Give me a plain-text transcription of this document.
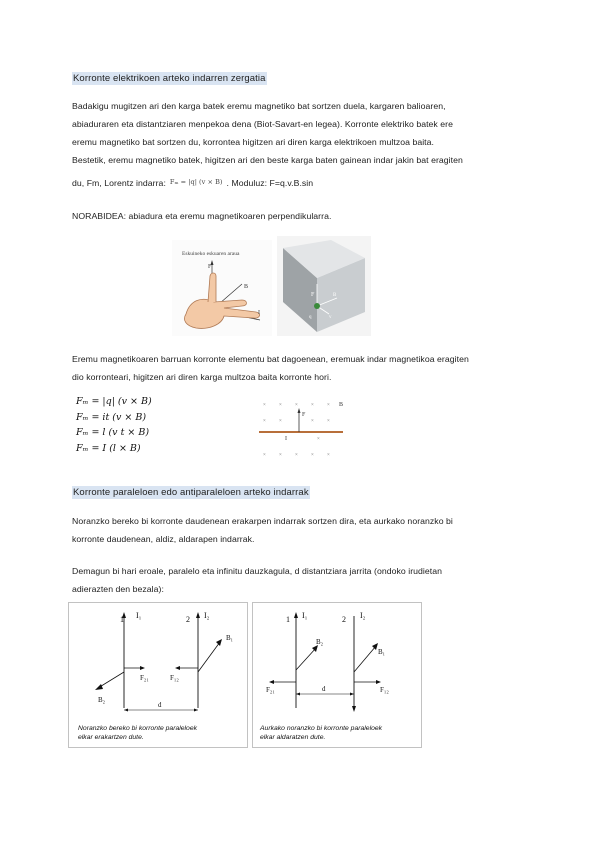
Korronte elektrikoen arteko indarren zergatia
Badakigu mugitzen ari den karga batek eremu magnetiko bat sortzen duela, kargaren balioaren,
abiaduraren eta distantziaren menpekoa dena (Biot-Savart-en legea). Korronte elektriko batek ere
eremu magnetiko bat sortzen du, korrontea higitzen ari diren karga elektrikoen multzoa baita.
Bestetik, eremu magnetiko batek, higitzen ari den beste karga baten gainean indar jakin bat eragiten
du, Fm, Lorentz indarra: Fₘ = |q| (v × B) . Moduluz: F=q.v.B.sin
NORABIDEA: abiadura eta eremu magnetikoaren perpendikularra.
Eskuineko eskuaren araua
F
I
B
F	B
v
q
Eremu magnetikoaren barruan korronte elementu bat dagoenean, eremuak indar magnetikoa eragiten
dio korronteari, higitzen ari diren karga multzoa baita korronte hori.
Fₘ = |q| (v × B)
Fₘ = it (v × B)
Fₘ = l (v t × B)
Fₘ = I (l × B)
×	×	×	×	×
×	×	×	×
×	×	×	×	×
B
F
I	×
Korronte paraleloen edo antiparaleloen arteko indarrak
Noranzko bereko bi korronte daudenean erakarpen indarrak sortzen dira, eta aurkako noranzko bi
korronte daudenean, aldiz, aldarapen indarrak.
Demagun bi hari eroale, paralelo eta infinitu dauzkagula, d distantziara jarrita (ondoko irudietan
adierazten den bezala):
1 I₁	2 I₂
B₁
B₂
F₂₁	F₁₂
d
Noranzko bereko bi korronte paraleloek
elkar erakartzen dute.
1 I₁	2 I₂
B₂
B₁
F₂₁	F₁₂
d
Aurkako noranzko bi korronte paraleloek
elkar aldaratzen dute.
